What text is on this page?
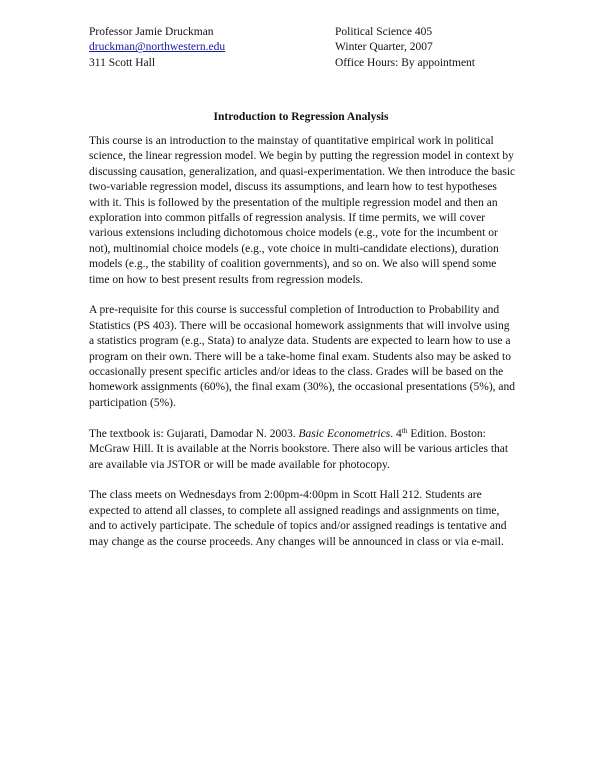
Professor Jamie Druckman	Political Science 405
druckman@northwestern.edu	Winter Quarter, 2007
311 Scott Hall	Office Hours: By appointment
Introduction to Regression Analysis

This course is an introduction to the mainstay of quantitative empirical work in political science, the linear regression model. We begin by putting the regression model in context by discussing causation, generalization, and quasi-experimentation. We then introduce the basic two-variable regression model, discuss its assumptions, and learn how to test hypotheses with it. This is followed by the presentation of the multiple regression model and then an exploration into common pitfalls of regression analysis. If time permits, we will cover various extensions including dichotomous choice models (e.g., vote for the incumbent or not), multinomial choice models (e.g., vote choice in multi-candidate elections), duration models (e.g., the stability of coalition governments), and so on. We also will spend some time on how to best present results from regression models.

A pre-requisite for this course is successful completion of Introduction to Probability and Statistics (PS 403). There will be occasional homework assignments that will involve using a statistics program (e.g., Stata) to analyze data. Students are expected to learn how to use a program on their own. There will be a take-home final exam. Students also may be asked to occasionally present specific articles and/or ideas to the class. Grades will be based on the homework assignments (60%), the final exam (30%), the occasional presentations (5%), and participation (5%).

The textbook is: Gujarati, Damodar N. 2003. Basic Econometrics. 4th Edition. Boston: McGraw Hill. It is available at the Norris bookstore. There also will be various articles that are available via JSTOR or will be made available for photocopy.

The class meets on Wednesdays from 2:00pm-4:00pm in Scott Hall 212. Students are expected to attend all classes, to complete all assigned readings and assignments on time, and to actively participate. The schedule of topics and/or assigned readings is tentative and may change as the course proceeds. Any changes will be announced in class or via e-mail.
